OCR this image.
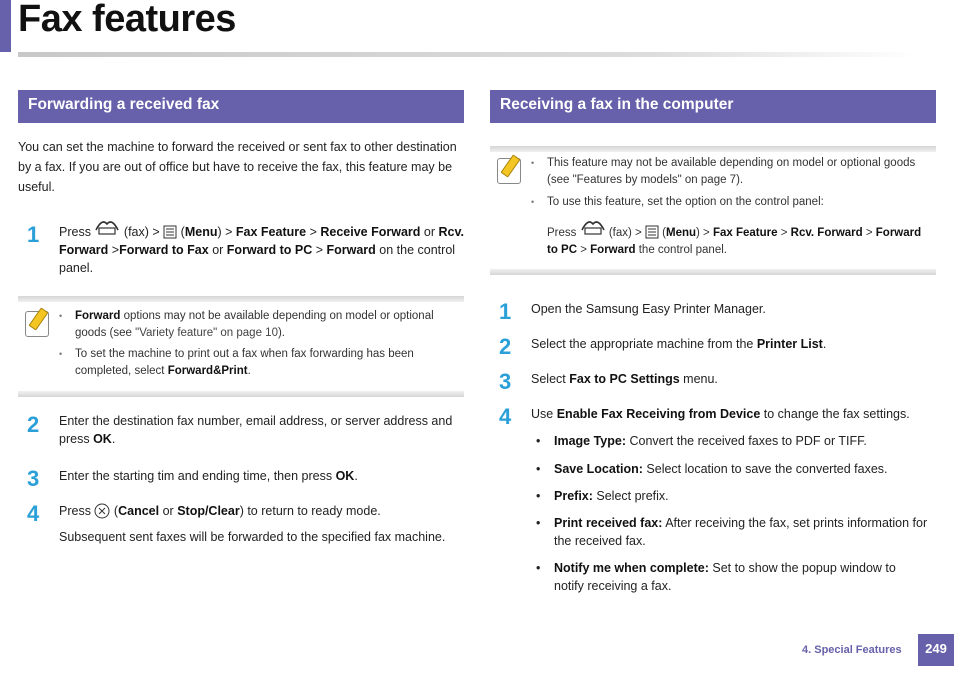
Fax features
Forwarding a received fax
You can set the machine to forward the received or sent fax to other destination
by a fax. If you are out of office but have to receive the fax, this feature may be
useful.
1 Press	(fax) > (Menu) > Fax Feature > Receive Forward or Rcv.
Forward >Forward to Fax or Forward to PC > Forward on the control
panel.
•	Forward options may not be available depending on model or optional
goods (see "Variety feature" on page 10).
•	To set the machine to print out a fax when fax forwarding has been
completed, select Forward&Print.
2 Enter the destination fax number, email address, or server address and
press OK.
3 Enter the starting tim and ending time, then press OK.
4 Press (Cancel or Stop/Clear) to return to ready mode.
Subsequent sent faxes will be forwarded to the specified fax machine.
Receiving a fax in the computer
•	This feature may not be available depending on model or optional goods
(see "Features by models" on page 7).
•	To use this feature, set the option on the control panel:
Press	(fax) > (Menu) > Fax Feature > Rcv. Forward > Forward
to PC > Forward the control panel.
1 Open the Samsung Easy Printer Manager.
2 Select the appropriate machine from the Printer List.
3 Select Fax to PC Settings menu.
4 Use Enable Fax Receiving from Device to change the fax settings.
•	Image Type: Convert the received faxes to PDF or TIFF.
•	Save Location: Select location to save the converted faxes.
•	Prefix: Select prefix.
•	Print received fax: After receiving the fax, set prints information for
the received fax.
•	Notify me when complete: Set to show the popup window to
notify receiving a fax.
4. Special Features	249
